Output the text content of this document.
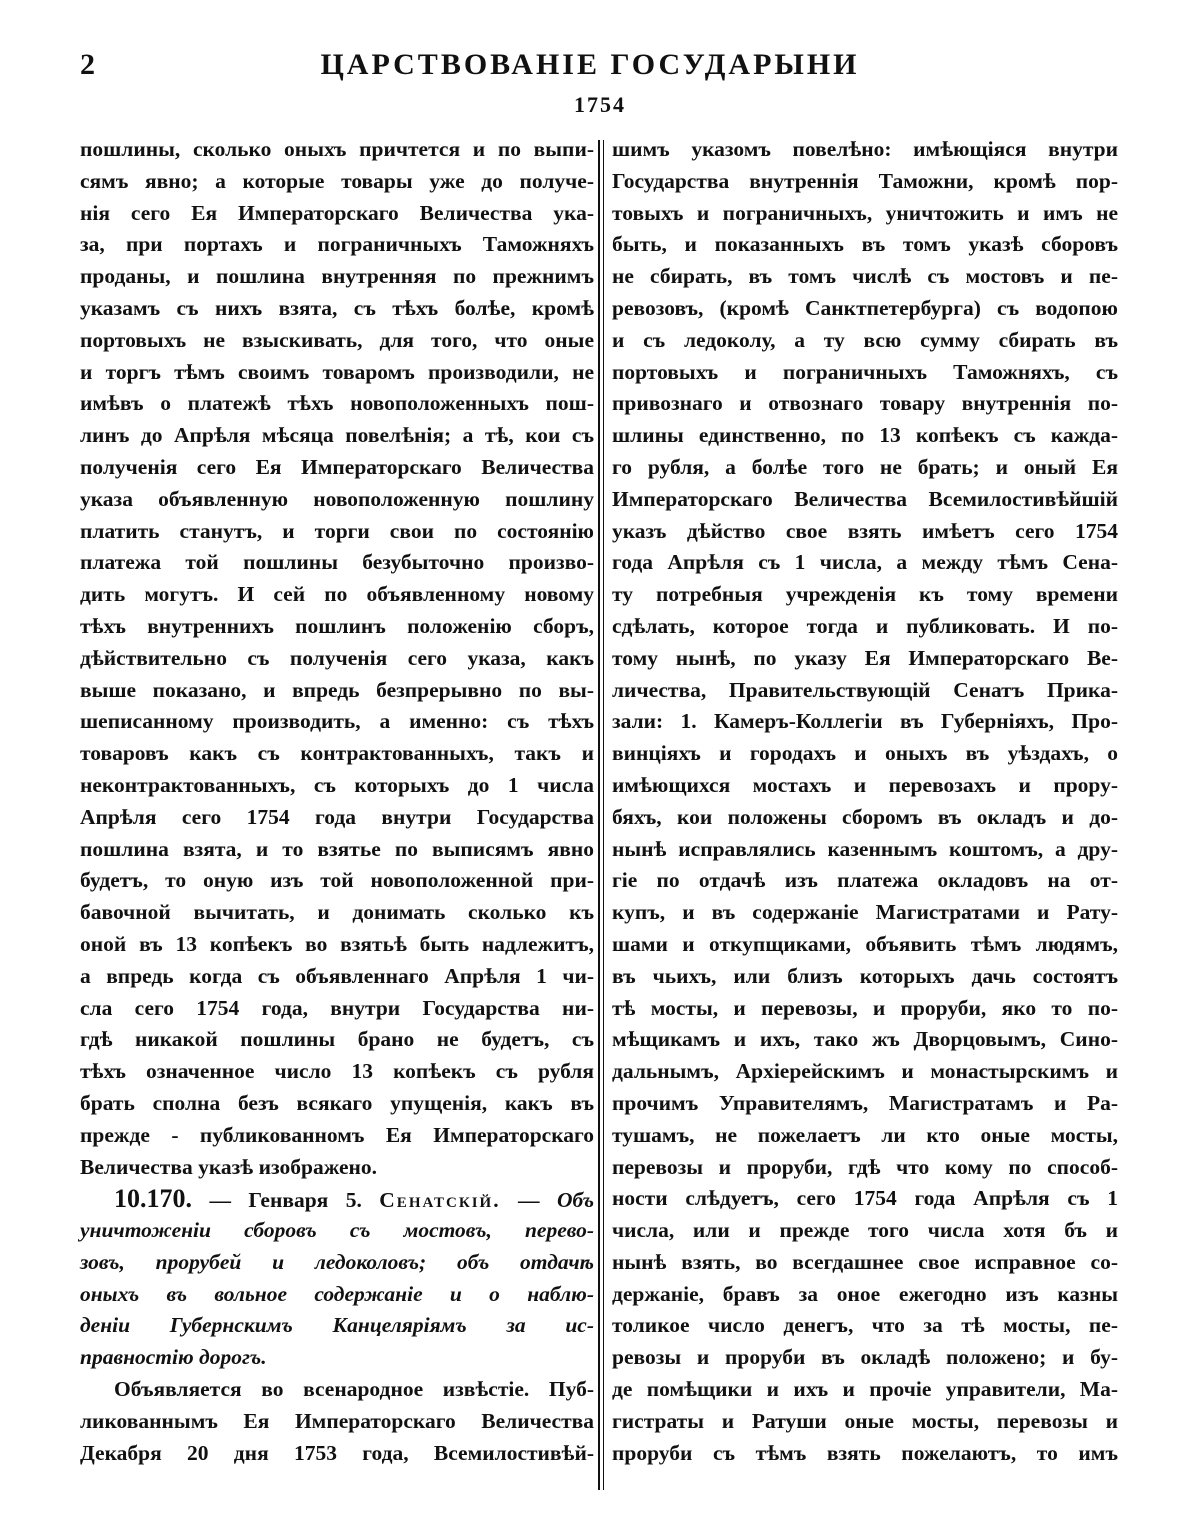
2	ЦАРСТВОВАНІЕ ГОСУДАРЫНИ
1754
пошлины, сколько оныхъ причтется и по выпи-
сямъ явно; а которые товары уже до получе-
нія сего Ея Императорскаго Величества ука-
за, при портахъ и пограничныхъ Таможняхъ
проданы, и пошлина внутренняя по прежнимъ
указамъ съ нихъ взята, съ тѣхъ болѣе, кромѣ
портовыхъ не взыскивать, для того, что оные
и торгъ тѣмъ своимъ товаромъ производили, не
имѣвъ о платежѣ тѣхъ новоположенныхъ пош-
линъ до Апрѣля мѣсяца повелѣнія; а тѣ, кои съ
полученія сего Ея Императорскаго Величества
указа объявленную новоположенную пошлину
платить станутъ, и торги свои по состоянію
платежа той пошлины безубыточно произво-
дить могутъ. И сей по объявленному новому
тѣхъ внутреннихъ пошлинъ положенію сборъ,
дѣйствительно съ полученія сего указа, какъ
выше показано, и впредь безпрерывно по вы-
шеписанному производить, а именно: съ тѣхъ
товаровъ какъ съ контрактованныхъ, такъ и
неконтрактованныхъ, съ которыхъ до 1 числа
Апрѣля сего 1754 года внутри Государства
пошлина взята, и то взятье по выписямъ явно
будетъ, то оную изъ той новоположенной при-
бавочной вычитать, и донимать сколько къ
оной въ 13 копѣекъ во взятьѣ быть надлежитъ,
а впредь когда съ объявленнаго Апрѣля 1 чи-
сла сего 1754 года, внутри Государства ни-
гдѣ никакой пошлины брано не будетъ, съ
тѣхъ означенное число 13 копѣекъ съ рубля
брать сполна безъ всякаго упущенія, какъ въ
прежде - публикованномъ Ея Императорскаго
Величества указѣ изображено.
10.170. — Генваря 5. Сенатскій. — Объ
уничтоженіи сборовъ съ мостовъ, перево-
зовъ, прорубей и ледоколовъ; объ отдачѣ
оныхъ въ вольное содержаніе и о наблю-
деніи Губернскимъ Канцеляріямъ за ис-
правностію дорогъ.
Объявляется во всенародное извѣстіе. Пуб-
ликованнымъ Ея Императорскаго Величества
Декабря 20 дня 1753 года, Всемилостивѣй-
шимъ указомъ повелѣно: имѣющіяся внутри
Государства внутреннія Таможни, кромѣ пор-
товыхъ и пограничныхъ, уничтожить и имъ не
быть, и показанныхъ въ томъ указѣ сборовъ
не сбирать, въ томъ числѣ съ мостовъ и пе-
ревозовъ, (кромѣ Санктпетербурга) съ водопою
и съ ледоколу, а ту всю сумму сбирать въ
портовыхъ и пограничныхъ Таможняхъ, съ
привознаго и отвознаго товару внутреннія по-
шлины единственно, по 13 копѣекъ съ кажда-
го рубля, а болѣе того не брать; и оный Ея
Императорскаго Величества Всемилостивѣйшій
указъ дѣйство свое взять имѣетъ сего 1754
года Апрѣля съ 1 числа, а между тѣмъ Сена-
ту потребныя учрежденія къ тому времени
сдѣлать, которое тогда и публиковать. И по-
тому нынѣ, по указу Ея Императорскаго Ве-
личества, Правительствующій Сенатъ Прика-
зали: 1. Камеръ-Коллегіи въ Губерніяхъ, Про-
винціяхъ и городахъ и оныхъ въ уѣздахъ, о
имѣющихся мостахъ и перевозахъ и прору-
бяхъ, кои положены сборомъ въ окладъ и до-
нынѣ исправлялись казеннымъ коштомъ, а дру-
гіе по отдачѣ изъ платежа окладовъ на от-
купъ, и въ содержаніе Магистратами и Рату-
шами и откупщиками, объявить тѣмъ людямъ,
въ чьихъ, или близъ которыхъ дачь состоятъ
тѣ мосты, и перевозы, и проруби, яко то по-
мѣщикамъ и ихъ, тако жъ Дворцовымъ, Сино-
дальнымъ, Архіерейскимъ и монастырскимъ и
прочимъ Управителямъ, Магистратамъ и Ра-
тушамъ, не пожелаетъ ли кто оные мосты,
перевозы и проруби, гдѣ что кому по способ-
ности слѣдуетъ, сего 1754 года Апрѣля съ 1
числа, или и прежде того числа хотя бъ и
нынѣ взять, во всегдашнее свое исправное со-
держаніе, бравъ за оное ежегодно изъ казны
толикое число денегъ, что за тѣ мосты, пе-
ревозы и проруби въ окладѣ положено; и бу-
де помѣщики и ихъ и прочіе управители, Ма-
гистраты и Ратуши оные мосты, перевозы и
проруби съ тѣмъ взять пожелаютъ, то имъ
